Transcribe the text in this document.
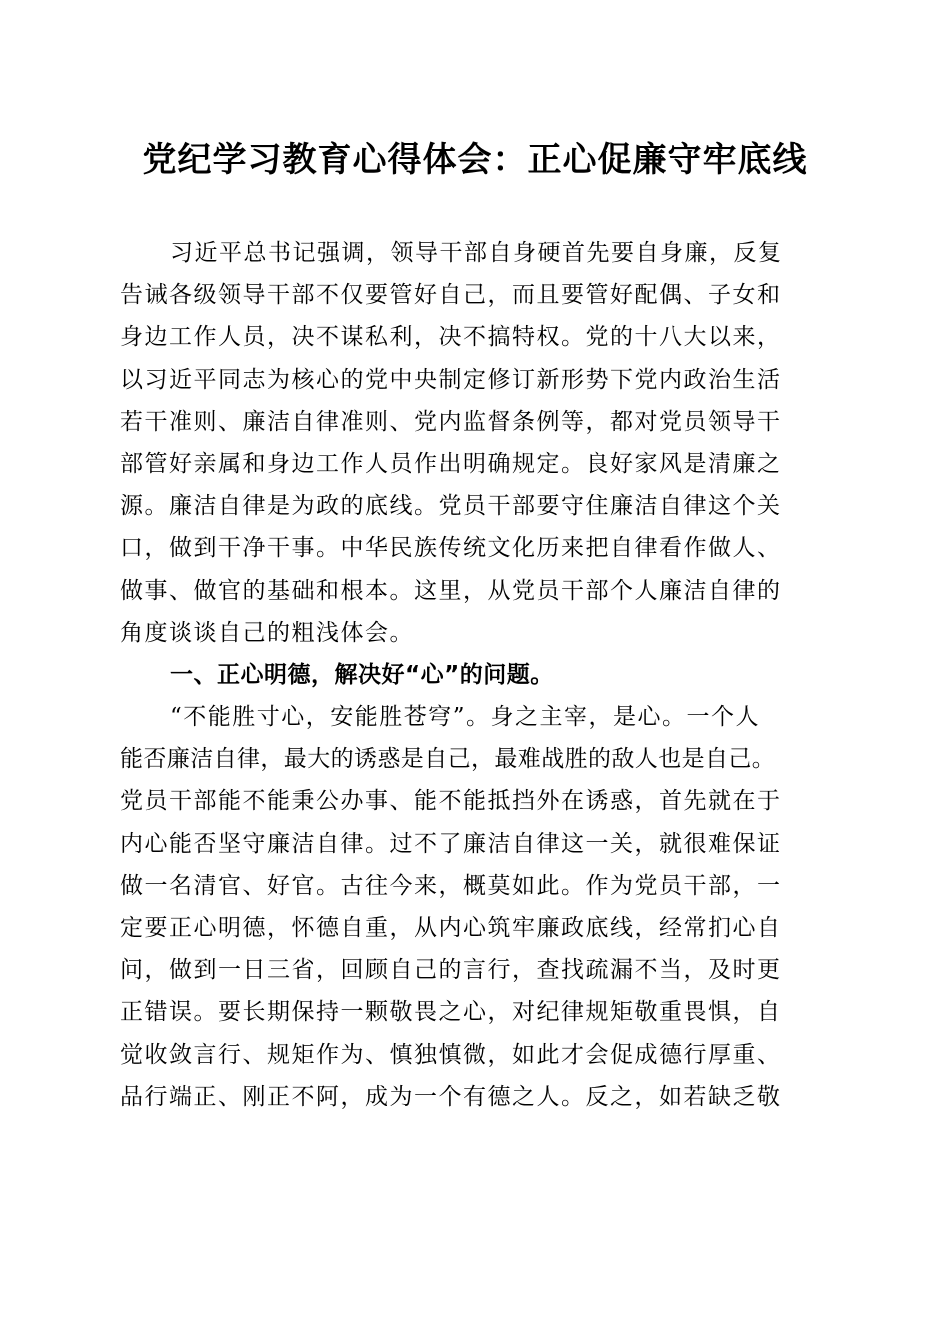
党纪学习教育心得体会：正心促廉守牢底线
习近平总书记强调，领导干部自身硬首先要自身廉，反复
告诫各级领导干部不仅要管好自己，而且要管好配偶、子女和
身边工作人员，决不谋私利，决不搞特权。党的十八大以来，
以习近平同志为核心的党中央制定修订新形势下党内政治生活
若干准则、廉洁自律准则、党内监督条例等，都对党员领导干
部管好亲属和身边工作人员作出明确规定。良好家风是清廉之
源。廉洁自律是为政的底线。党员干部要守住廉洁自律这个关
口，做到干净干事。中华民族传统文化历来把自律看作做人、
做事、做官的基础和根本。这里，从党员干部个人廉洁自律的
角度谈谈自己的粗浅体会。
一、正心明德，解决好“心”的问题。
“不能胜寸心，安能胜苍穹”。身之主宰，是心。一个人
能否廉洁自律，最大的诱惑是自己，最难战胜的敌人也是自己。
党员干部能不能秉公办事、能不能抵挡外在诱惑，首先就在于
内心能否坚守廉洁自律。过不了廉洁自律这一关，就很难保证
做一名清官、好官。古往今来，概莫如此。作为党员干部，一
定要正心明德，怀德自重，从内心筑牢廉政底线，经常扪心自
问，做到一日三省，回顾自己的言行，查找疏漏不当，及时更
正错误。要长期保持一颗敬畏之心，对纪律规矩敬重畏惧，自
觉收敛言行、规矩作为、慎独慎微，如此才会促成德行厚重、
品行端正、刚正不阿，成为一个有德之人。反之，如若缺乏敬
